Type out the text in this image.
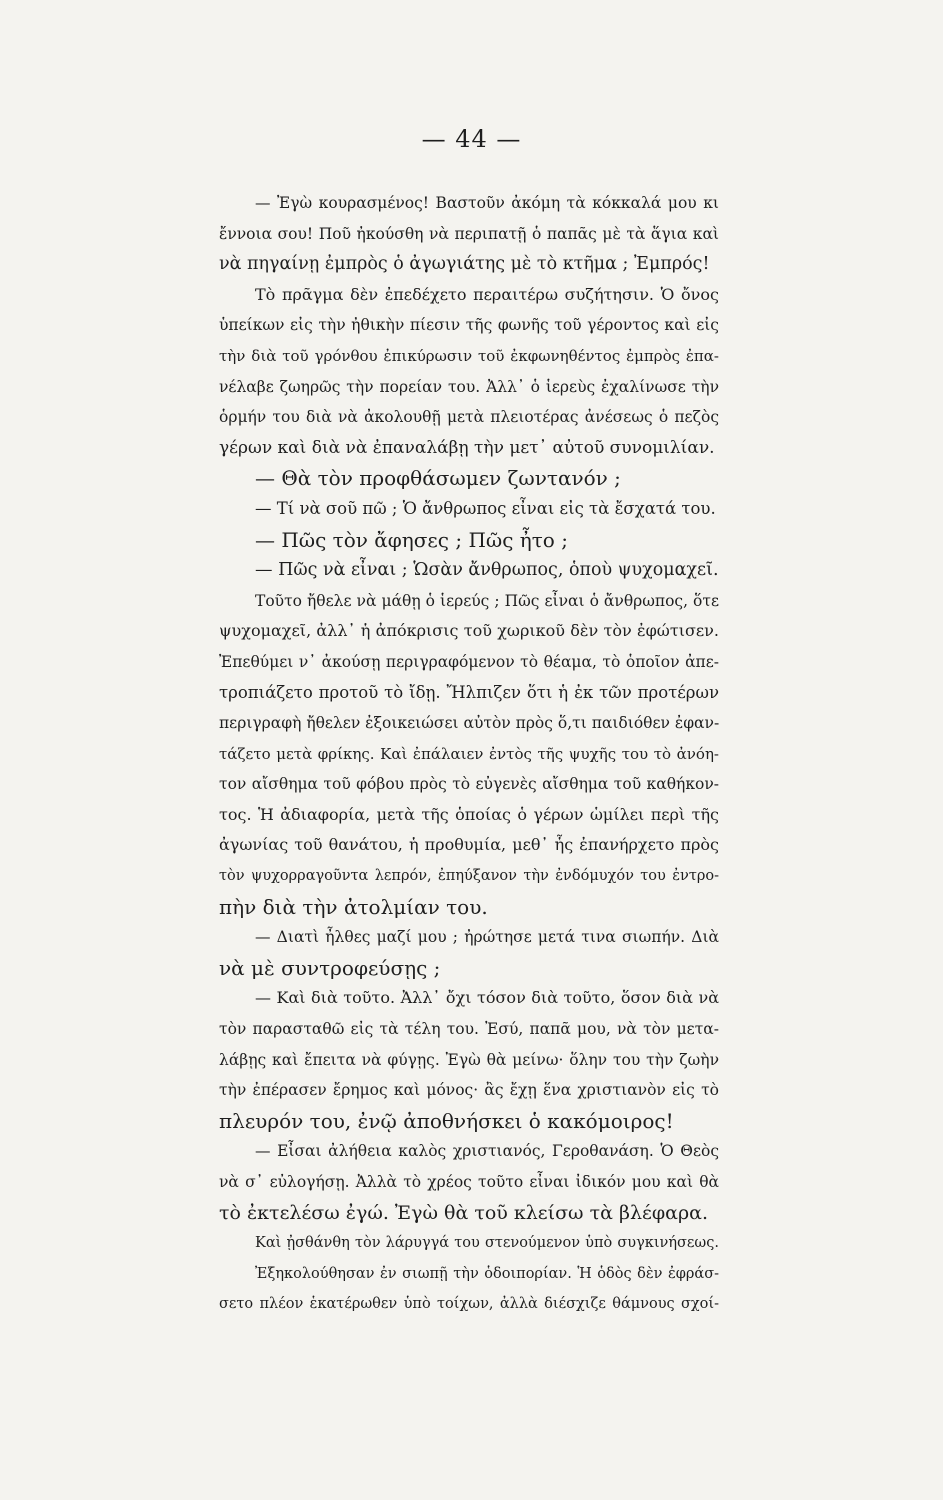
— 44 —
— Ἐγὼ κουρασμένος! Βαστοῦν ἀκόμη τὰ κόκκαλά μου κι
ἔννοια σου! Ποῦ ἠκούσθη νὰ περιπατῇ ὁ παπᾶς μὲ τὰ ἅγια καὶ
νὰ πηγαίνῃ ἐμπρὸς ὁ ἀγωγιάτης μὲ τὸ κτῆμα ; Ἐμπρός!
Τὸ πρᾶγμα δὲν ἐπεδέχετο περαιτέρω συζήτησιν. Ὁ ὄνος
ὑπείκων εἰς τὴν ἠθικὴν πίεσιν τῆς φωνῆς τοῦ γέροντος καὶ εἰς
τὴν διὰ τοῦ γρόνθου ἐπικύρωσιν τοῦ ἐκφωνηθέντος ἐμπρὸς ἐπα-
νέλαβε ζωηρῶς τὴν πορείαν του. Ἀλλ᾽ ὁ ἱερεὺς ἐχαλίνωσε τὴν
ὁρμήν του διὰ νὰ ἀκολουθῇ μετὰ πλειοτέρας ἀνέσεως ὁ πεζὸς
γέρων καὶ διὰ νὰ ἐπαναλάβῃ τὴν μετ᾽ αὐτοῦ συνομιλίαν.
— Θὰ τὸν προφθάσωμεν ζωντανόν ;
— Τί νὰ σοῦ πῶ ; Ὁ ἄνθρωπος εἶναι εἰς τὰ ἔσχατά του.
— Πῶς τὸν ἄφησες ; Πῶς ἦτο ;
— Πῶς νὰ εἶναι ; Ὡσὰν ἄνθρωπος, ὁποὺ ψυχομαχεῖ.
Τοῦτο ἤθελε νὰ μάθῃ ὁ ἱερεύς ; Πῶς εἶναι ὁ ἄνθρωπος, ὅτε
ψυχομαχεῖ, ἀλλ᾽ ἡ ἀπόκρισις τοῦ χωρικοῦ δὲν τὸν ἐφώτισεν.
Ἐπεθύμει ν᾽ ἀκούσῃ περιγραφόμενον τὸ θέαμα, τὸ ὁποῖον ἀπε-
τροπιάζετο προτοῦ τὸ ἴδῃ. Ἤλπιζεν ὅτι ἡ ἐκ τῶν προτέρων
περιγραφὴ ἤθελεν ἐξοικειώσει αὐτὸν πρὸς ὅ,τι παιδιόθεν ἐφαν-
τάζετο μετὰ φρίκης. Καὶ ἐπάλαιεν ἐντὸς τῆς ψυχῆς του τὸ ἀνόη-
τον αἴσθημα τοῦ φόβου πρὸς τὸ εὐγενὲς αἴσθημα τοῦ καθήκον-
τος. Ἡ ἀδιαφορία, μετὰ τῆς ὁποίας ὁ γέρων ὡμίλει περὶ τῆς
ἀγωνίας τοῦ θανάτου, ἡ προθυμία, μεθ᾽ ἧς ἐπανήρχετο πρὸς
τὸν ψυχορραγοῦντα λεπρόν, ἐπηύξανον τὴν ἐνδόμυχόν του ἐντρο-
πὴν διὰ τὴν ἀτολμίαν του.
— Διατὶ ἦλθες μαζί μου ; ἠρώτησε μετά τινα σιωπήν. Διὰ
νὰ μὲ συντροφεύσῃς ;
— Καὶ διὰ τοῦτο. Ἀλλ᾽ ὄχι τόσον διὰ τοῦτο, ὅσον διὰ νὰ
τὸν παρασταθῶ εἰς τὰ τέλη του. Ἐσύ, παπᾶ μου, νὰ τὸν μετα-
λάβῃς καὶ ἔπειτα νὰ φύγῃς. Ἐγὼ θὰ μείνω· ὅλην του τὴν ζωὴν
τὴν ἐπέρασεν ἔρημος καὶ μόνος· ἂς ἔχῃ ἕνα χριστιανὸν εἰς τὸ
πλευρόν του, ἐνῷ ἀποθνήσκει ὁ κακόμοιρος!
— Εἶσαι ἀλήθεια καλὸς χριστιανός, Γεροθανάση. Ὁ Θεὸς
νὰ σ᾽ εὐλογήσῃ. Ἀλλὰ τὸ χρέος τοῦτο εἶναι ἰδικόν μου καὶ θὰ
τὸ ἐκτελέσω ἐγώ. Ἐγὼ θὰ τοῦ κλείσω τὰ βλέφαρα.
Καὶ ᾐσθάνθη τὸν λάρυγγά του στενούμενον ὑπὸ συγκινήσεως.
Ἐξηκολούθησαν ἐν σιωπῇ τὴν ὁδοιπορίαν. Ἡ ὁδὸς δὲν ἐφράσ-
σετο πλέον ἑκατέρωθεν ὑπὸ τοίχων, ἀλλὰ διέσχιζε θάμνους σχοί-
